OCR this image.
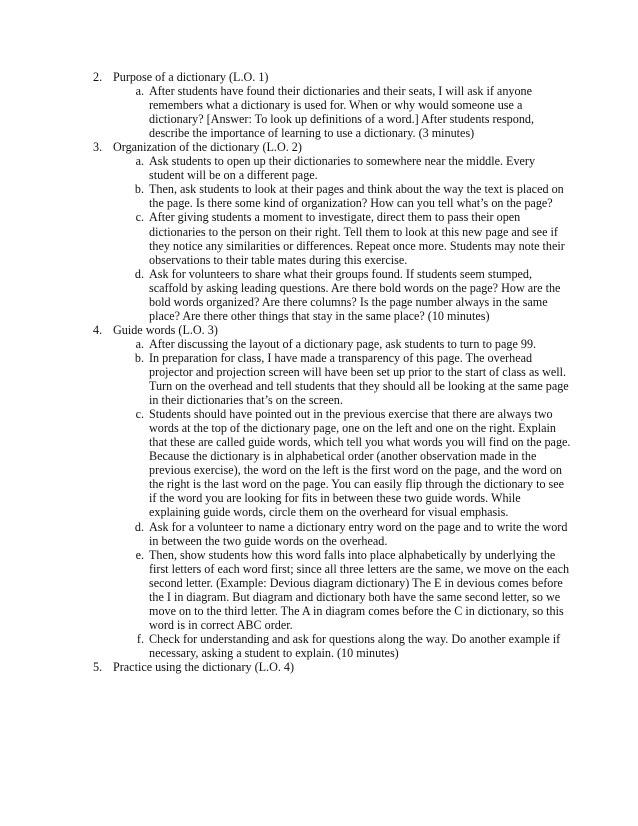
2. Purpose of a dictionary (L.O. 1)
a. After students have found their dictionaries and their seats, I will ask if anyone remembers what a dictionary is used for. When or why would someone use a dictionary? [Answer: To look up definitions of a word.] After students respond, describe the importance of learning to use a dictionary. (3 minutes)
3. Organization of the dictionary (L.O. 2)
a. Ask students to open up their dictionaries to somewhere near the middle. Every student will be on a different page.
b. Then, ask students to look at their pages and think about the way the text is placed on the page. Is there some kind of organization? How can you tell what’s on the page?
c. After giving students a moment to investigate, direct them to pass their open dictionaries to the person on their right. Tell them to look at this new page and see if they notice any similarities or differences. Repeat once more. Students may note their observations to their table mates during this exercise.
d. Ask for volunteers to share what their groups found. If students seem stumped, scaffold by asking leading questions. Are there bold words on the page? How are the bold words organized? Are there columns? Is the page number always in the same place? Are there other things that stay in the same place? (10 minutes)
4. Guide words (L.O. 3)
a. After discussing the layout of a dictionary page, ask students to turn to page 99.
b. In preparation for class, I have made a transparency of this page. The overhead projector and projection screen will have been set up prior to the start of class as well. Turn on the overhead and tell students that they should all be looking at the same page in their dictionaries that’s on the screen.
c. Students should have pointed out in the previous exercise that there are always two words at the top of the dictionary page, one on the left and one on the right. Explain that these are called guide words, which tell you what words you will find on the page. Because the dictionary is in alphabetical order (another observation made in the previous exercise), the word on the left is the first word on the page, and the word on the right is the last word on the page. You can easily flip through the dictionary to see if the word you are looking for fits in between these two guide words. While explaining guide words, circle them on the overheard for visual emphasis.
d. Ask for a volunteer to name a dictionary entry word on the page and to write the word in between the two guide words on the overhead.
e. Then, show students how this word falls into place alphabetically by underlying the first letters of each word first; since all three letters are the same, we move on the each second letter. (Example: Devious diagram dictionary) The E in devious comes before the I in diagram. But diagram and dictionary both have the same second letter, so we move on to the third letter. The A in diagram comes before the C in dictionary, so this word is in correct ABC order.
f. Check for understanding and ask for questions along the way. Do another example if necessary, asking a student to explain. (10 minutes)
5. Practice using the dictionary (L.O. 4)
